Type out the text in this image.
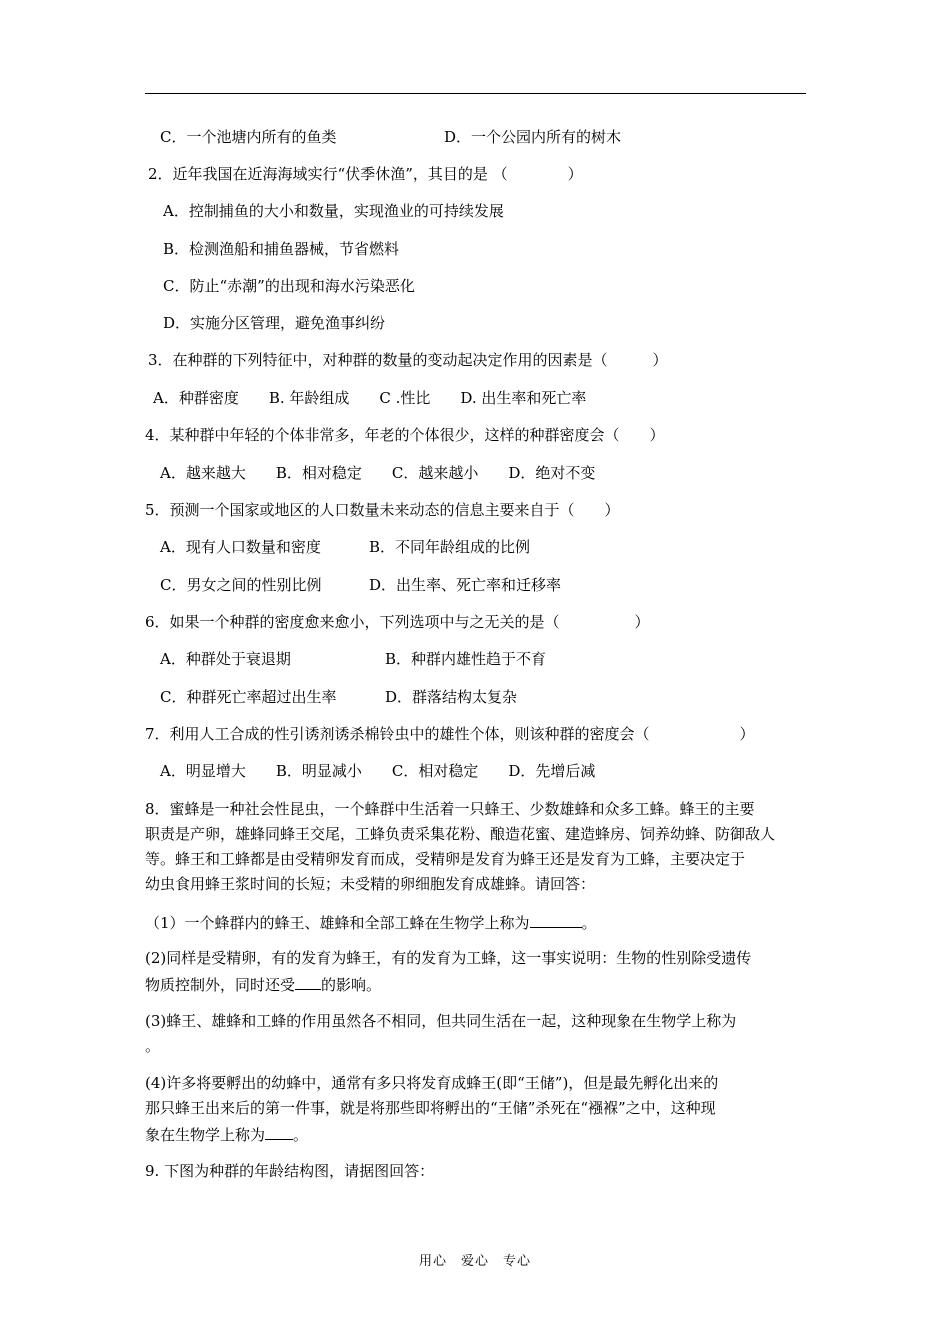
C．一个池塘内所有的鱼类	D．一个公园内所有的树木
2．近年我国在近海海域实行“伏季休渔”，其目的是 （　　　　）
A．控制捕鱼的大小和数量，实现渔业的可持续发展
B．检测渔船和捕鱼器械，节省燃料
C．防止“赤潮”的出现和海水污染恶化
D．实施分区管理，避免渔事纠纷
3．在种群的下列特征中，对种群的数量的变动起决定作用的因素是（　　　）
A．种群密度　　B. 年龄组成　　C .性比　　D. 出生率和死亡率
4．某种群中年轻的个体非常多，年老的个体很少，这样的种群密度会（　　）
A．越来越大　　B．相对稳定　　C．越来越小　　D．绝对不变
5．预测一个国家或地区的人口数量未来动态的信息主要来自于（　　）
A．现有人口数量和密度	B．不同年龄组成的比例
C．男女之间的性别比例	D．出生率、死亡率和迁移率
6．如果一个种群的密度愈来愈小，下列选项中与之无关的是（　　　　　）
A．种群处于衰退期	B．种群内雄性趋于不育
C．种群死亡率超过出生率	D．群落结构太复杂
7．利用人工合成的性引诱剂诱杀棉铃虫中的雄性个体，则该种群的密度会（　　　　　　）
A．明显增大　　B．明显减小　　C．相对稳定　　D．先增后减
8．蜜蜂是一种社会性昆虫，一个蜂群中生活着一只蜂王、少数雄蜂和众多工蜂。蜂王的主要
职责是产卵，雄蜂同蜂王交尾，工蜂负责采集花粉、酿造花蜜、建造蜂房、饲养幼蜂、防御敌人
等。蜂王和工蜂都是由受精卵发育而成，受精卵是发育为蜂王还是发育为工蜂，主要决定于
幼虫食用蜂王浆时间的长短；未受精的卵细胞发育成雄蜂。请回答：
（1）一个蜂群内的蜂王、雄蜂和全部工蜂在生物学上称为	。
(2)同样是受精卵，有的发育为蜂王，有的发育为工蜂，这一事实说明：生物的性别除受遗传
物质控制外，同时还受 的影响。
(3)蜂王、雄蜂和工蜂的作用虽然各不相同，但共同生活在一起，这种现象在生物学上称为
。
(4)许多将要孵出的幼蜂中，通常有多只将发育成蜂王(即“王储”)，但是最先孵化出来的
那只蜂王出来后的第一件事，就是将那些即将孵出的“王储”杀死在“襁褓”之中，这种现
象在生物学上称为 。
9. 下图为种群的年龄结构图，请据图回答：
用心　爱心　专心
